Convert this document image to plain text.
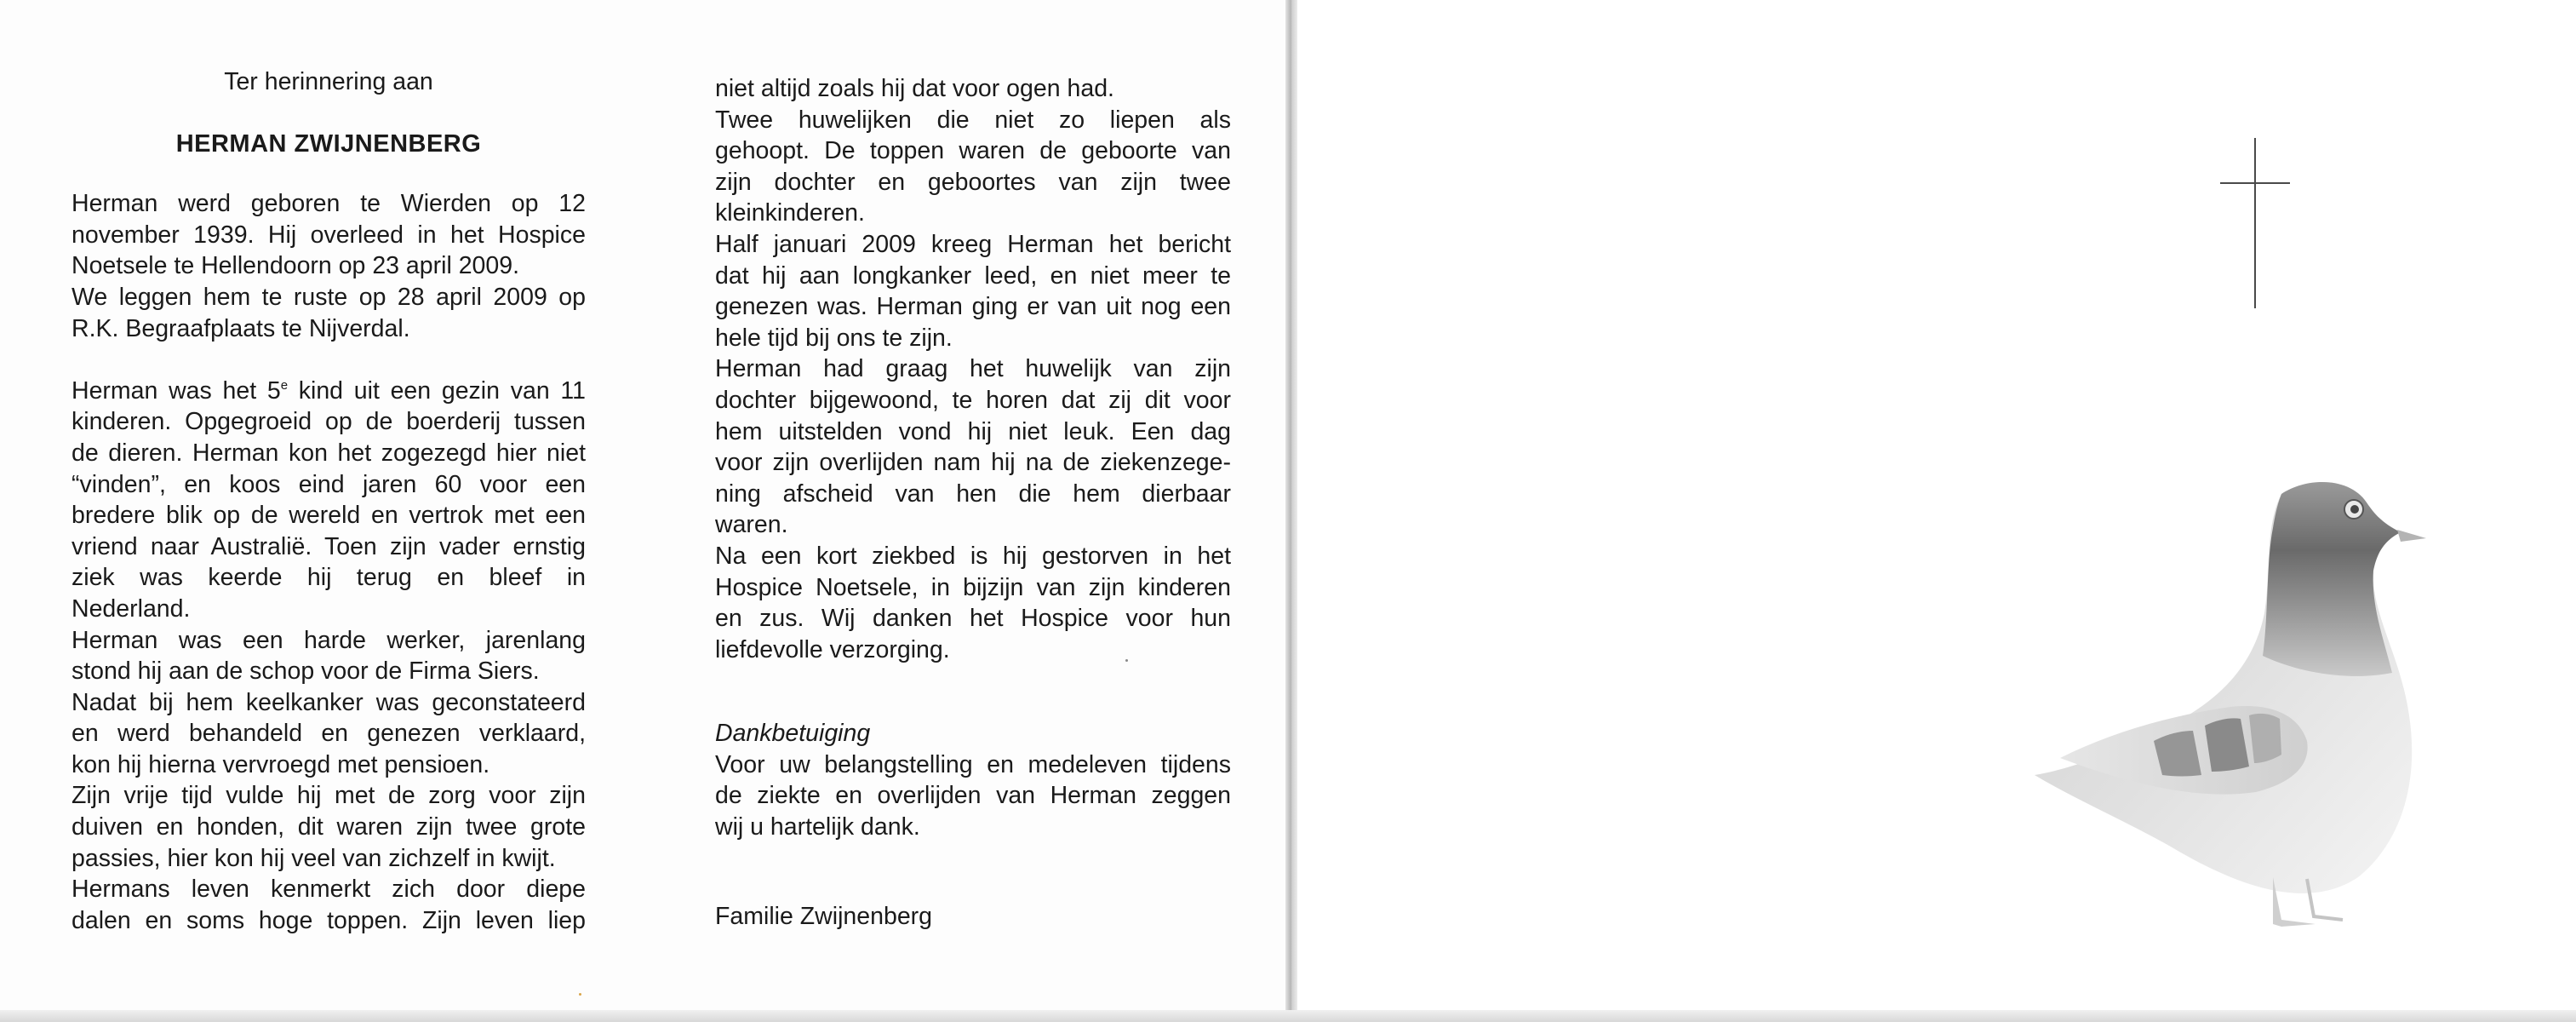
Ter herinnering aan
HERMAN ZWIJNENBERG
Herman werd geboren te Wierden op 12
november 1939. Hij overleed in het Hospice
Noetsele te Hellendoorn op 23 april 2009.
We leggen hem te ruste op 28 april 2009 op
R.K. Begraafplaats te Nijverdal.
Herman was het 5e kind uit een gezin van 11
kinderen. Opgegroeid op de boerderij tussen
de dieren. Herman kon het zogezegd hier niet
“vinden”, en koos eind jaren 60 voor een
bredere blik op de wereld en vertrok met een
vriend naar Australië. Toen zijn vader ernstig
ziek was keerde hij terug en bleef in
Nederland.
Herman was een harde werker, jarenlang
stond hij aan de schop voor de Firma Siers.
Nadat bij hem keelkanker was geconstateerd
en werd behandeld en genezen verklaard,
kon hij hierna vervroegd met pensioen.
Zijn vrije tijd vulde hij met de zorg voor zijn
duiven en honden, dit waren zijn twee grote
passies, hier kon hij veel van zichzelf in kwijt.
Hermans leven kenmerkt zich door diepe
dalen en soms hoge toppen. Zijn leven liep
niet altijd zoals hij dat voor ogen had.
Twee huwelijken die niet zo liepen als
gehoopt. De toppen waren de geboorte van
zijn dochter en geboortes van zijn twee
kleinkinderen.
Half januari 2009 kreeg Herman het bericht
dat hij aan longkanker leed, en niet meer te
genezen was. Herman ging er van uit nog een
hele tijd bij ons te zijn.
Herman had graag het huwelijk van zijn
dochter bijgewoond, te horen dat zij dit voor
hem uitstelden vond hij niet leuk. Een dag
voor zijn overlijden nam hij na de ziekenzege-
ning afscheid van hen die hem dierbaar
waren.
Na een kort ziekbed is hij gestorven in het
Hospice Noetsele, in bijzijn van zijn kinderen
en zus. Wij danken het Hospice voor hun
liefdevolle verzorging.
Dankbetuiging
Voor uw belangstelling en medeleven tijdens
de ziekte en overlijden van Herman zeggen
wij u hartelijk dank.
Familie Zwijnenberg
